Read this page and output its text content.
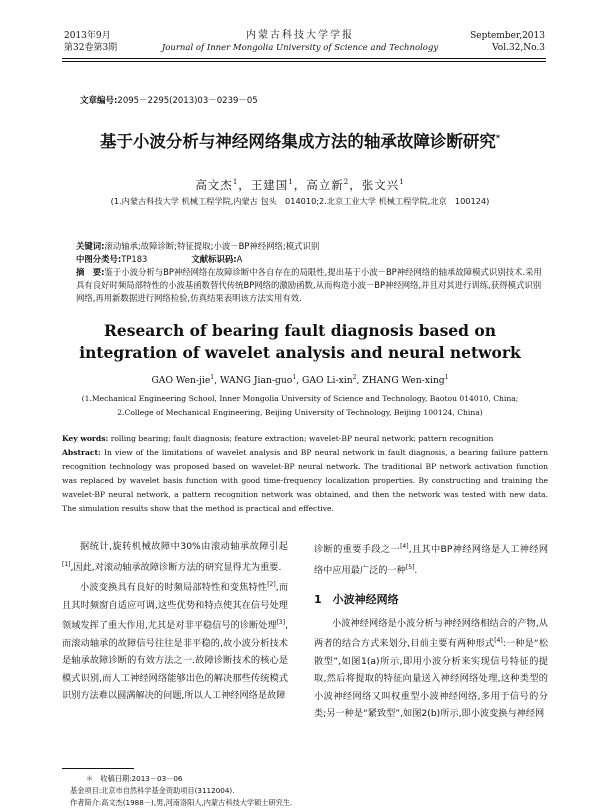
2013年9月
第32卷第3期
内蒙古科技大学学报
Journal of Inner Mongolia University of Science and Technology
September,2013
Vol.32,No.3
文章编号:2095－2295(2013)03－0239－05
基于小波分析与神经网络集成方法的轴承故障诊断研究*
高文杰$^1$，王建国$^1$，高立新$^2$，张文兴$^1$
(1.内蒙古科技大学 机械工程学院,内蒙古 包头　014010;2.北京工业大学 机械工程学院,北京　100124)
关键词:滚动轴承;故障诊断;特征提取;小波－BP神经网络;模式识别
中图分类号:TP183	文献标识码:A
摘　要:鉴于小波分析与BP神经网络在故障诊断中各自存在的局限性,提出基于小波－BP神经网络的轴承故障模式识别技术.采用具有良好时频局部特性的小波基函数替代传统BP网络的激励函数,从而构造小波－BP神经网络,并且对其进行训练,获得模式识别网络,再用新数据进行网络检验,仿真结果表明该方法实用有效.
Research of bearing fault diagnosis based on
integration of wavelet analysis and neural network
GAO Wen-jie$^1$, WANG Jian-guo$^1$, GAO Li-xin$^2$, ZHANG Wen-xing$^1$
(1.Mechanical Engineering School, Inner Mongolia University of Science and Technology, Baotou 014010, China;
2.College of Mechanical Engineering, Beijing University of Technology, Beijing 100124, China)
Key words: rolling bearing; fault diagnosis; feature extraction; wavelet-BP neural network; pattern recognition
Abstract: In view of the limitations of wavelet analysis and BP neural network in fault diagnosis, a bearing failure pattern recognition technology was proposed based on wavelet-BP neural network. The traditional BP network activation function was replaced by wavelet basis function with good time-frequency localization properties. By constructing and training the wavelet-BP neural network, a pattern recognition network was obtained, and then the network was tested with new data. The simulation results show that the method is practical and effective.

据统计,旋转机械故障中30%由滚动轴承故障引起[1],因此,对滚动轴承故障诊断方法的研究显得尤为重要.

小波变换具有良好的时频局部特性和变焦特性[2],而且其时频窗自适应可调,这些优势和特点使其在信号处理领域发挥了重大作用,尤其是对非平稳信号的诊断处理[3],而滚动轴承的故障信号往往是非平稳的,故小波分析技术是轴承故障诊断的有效方法之一.故障诊断技术的核心是模式识别,而人工神经网络能够出色的解决那些传统模式识别方法难以圆满解决的问题,所以人工神经网络是故障

诊断的重要手段之一[4],且其中BP神经网络是人工神经网络中应用最广泛的一种[5].

1　小波神经网络

小波神经网络是小波分析与神经网络相结合的产物,从两者的结合方式来划分,目前主要有两种形式[4]:一种是“松散型”,如图1(a)所示,即用小波分析来实现信号特征的提取,然后将提取的特征向量送入神经网络处理,这种类型的小波神经网络又叫权重型小波神经网络,多用于信号的分类;另一种是“紧致型”,如图2(b)所示,即小波变换与神经网

＊　收稿日期:2013－03－06
基金项目:北京市自然科学基金资助项目(3112004).
作者简介:高文杰(1988－),男,河南洛阳人,内蒙古科技大学硕士研究生.
